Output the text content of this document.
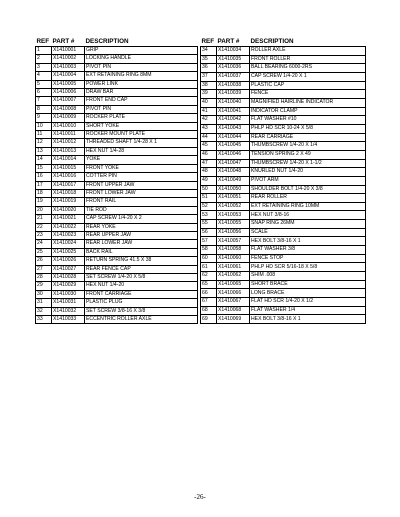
REF	PART #	DESCRIPTION
1	X1410001	GRIP
2	X1410002	LOCKING HANDLE
3	X1410003	PIVOT PIN
4	X1410004	EXT RETAINING RING 8MM
5	X1410005	POWER LINK
6	X1410006	DRAW BAR
7	X1410007	FRONT END CAP
8	X1410008	PIVOT PIN
9	X1410009	ROCKER PLATE
10	X1410010	SHORT YOKE
11	X1410011	ROCKER MOUNT PLATE
12	X1410012	THREADED SHAFT 1/4-28 X 1
13	X1410013	HEX NUT 1/4-28
14	X1410014	YOKE
15	X1410015	FRONT YOKE
16	X1410016	COTTER PIN
17	X1410017	FRONT UPPER JAW
18	X1410018	FRONT LOWER JAW
19	X1410019	FRONT RAIL
20	X1410020	TIE ROD
21	X1410021	CAP SCREW 1/4-20 X 2
22	X1410022	REAR YOKE
23	X1410023	REAR UPPER JAW
24	X1410024	REAR LOWER JAW
25	X1410025	BACK RAIL
26	X1410026	RETURN SPRING 41.5 X 38
27	X1410027	REAR FENCE CAP
28	X1410028	SET SCREW 1/4-20 X 5/8
29	X1410029	HEX NUT 1/4-20
30	X1410030	FRONT CARRIAGE
31	X1410031	PLASTIC PLUG
32	X1410032	SET SCREW 3/8-16 X 3/8
33	X1410033	ECCENTRIC ROLLER AXLE
REF	PART #	DESCRIPTION
34	X1410034	ROLLER AXLE
35	X1410035	FRONT ROLLER
36	X1410036	BALL BEARING 6000-2RS
37	X1410037	CAP SCREW 1/4-20 X 1
38	X1410038	PLASTIC CAP
39	X1410039	FENCE
40	X1410040	MAGNIFIED HAIRLINE INDICATOR
41	X1410041	INDICATOR CLAMP
42	X1410042	FLAT WASHER #10
43	X1410043	PHLP HD SCR 10-24 X 5/8
44	X1410044	REAR CARRIAGE
45	X1410045	THUMBSCREW 1/4-20 X 1/4
46	X1410046	TENSION SPRING 2 X 49
47	X1410047	THUMBSCREW 1/4-20 X 1-1/2
48	X1410048	KNURLED NUT 1/4-20
49	X1410049	PIVOT ARM
50	X1410050	SHOULDER BOLT 1/4-20 X 3/8
51	X1410051	REAR ROLLER
52	X1410052	EXT RETAINING RING 10MM
53	X1410053	HEX NUT 3/8-16
55	X1410055	SNAP RING 26MM
56	X1410056	SCALE
57	X1410057	HEX BOLT 3/8-16 X 1
58	X1410058	FLAT WASHER 3/8
60	X1410060	FENCE STOP
61	X1410061	PHLP HD SCR 5/16-18 X 5/8
62	X1410062	SHIM .008
65	X1410065	SHORT BRACE
66	X1410066	LONG BRACE
67	X1410067	FLAT HD SCR 1/4-20 X 1/2
68	X1410068	FLAT WASHER 1/4
69	X1410069	HEX BOLT 3/8-16 X 1
-26-
